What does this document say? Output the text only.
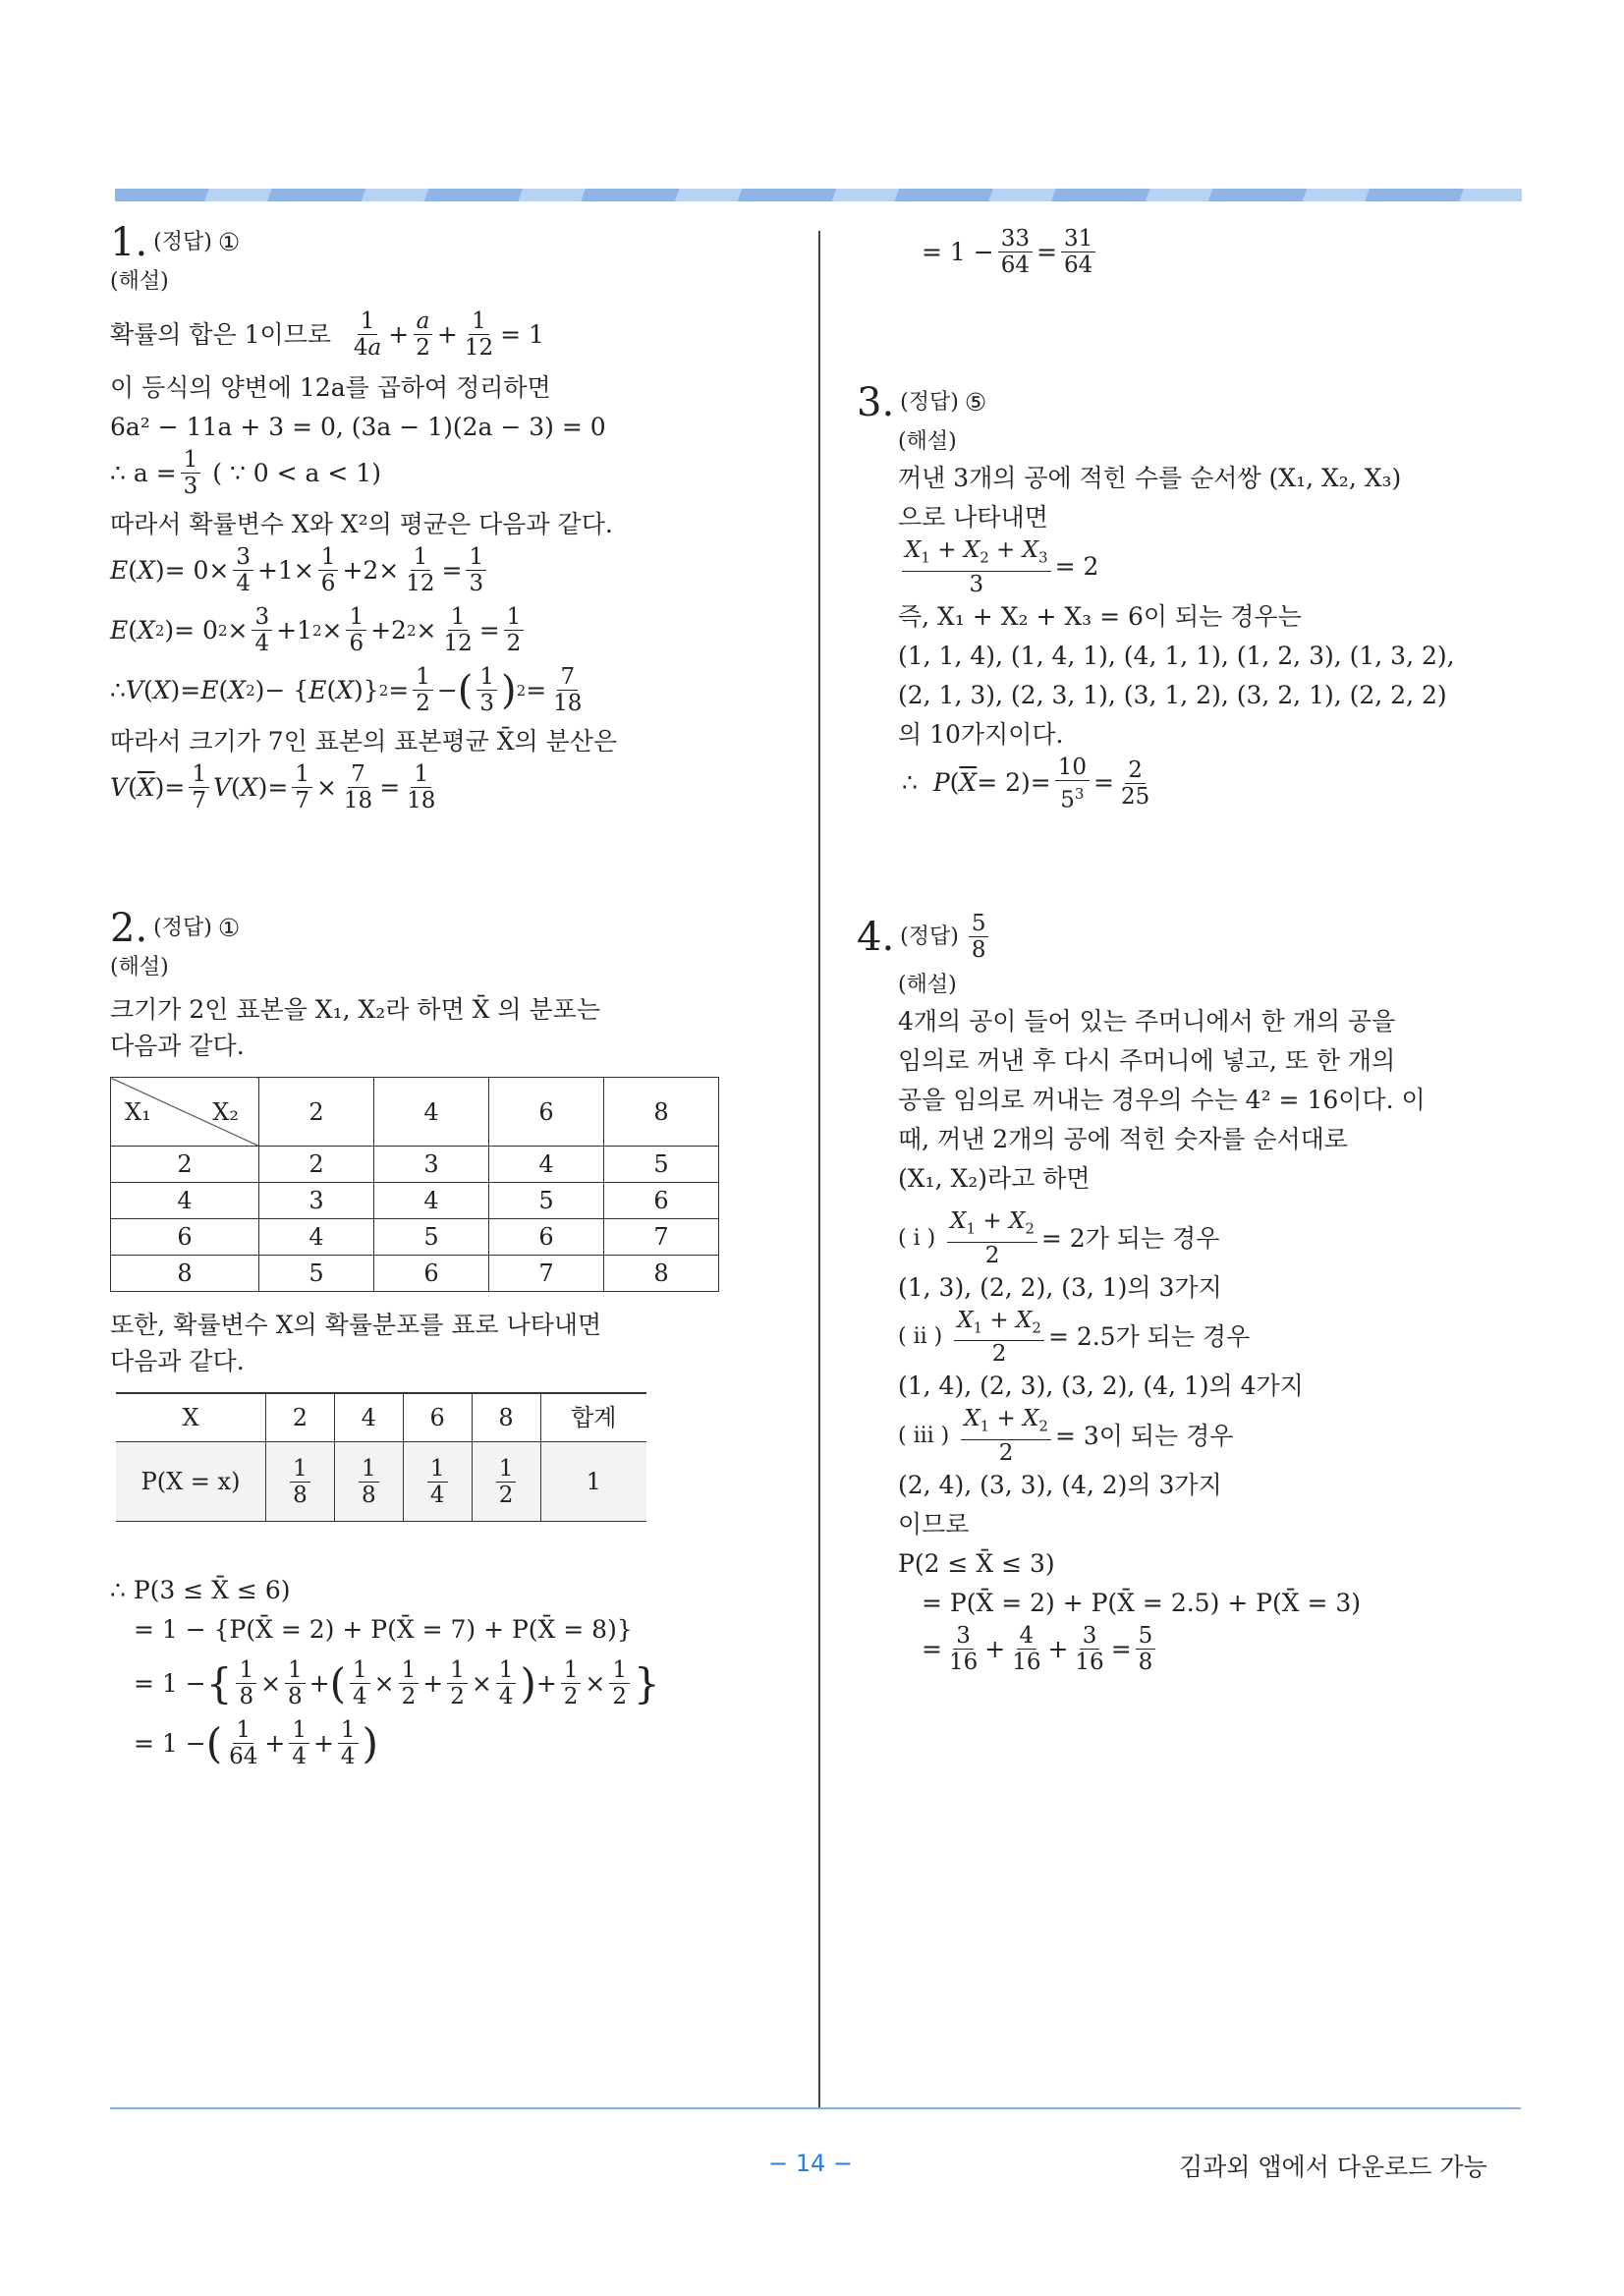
1. (정답) ①
(해설)
확률의 합은 1이므로
$\frac{1}{4a} + \frac{a}{2} + \frac{1}{12} = 1$
이 등식의 양변에 12a를 곱하여 정리하면
6a² − 11a + 3 = 0, (3a − 1)(2a − 3) = 0
∴ $a = \frac{1}{3}$
( ∵ 0 < a < 1)
따라서 확률변수 X와 X²의 평균은 다음과 같다.
E ( X )= $0\times \frac{3}{4} +1\times \frac{1}{6} +2\times \frac{1}{12} = \frac{1}{3}$
E ( X 2 )= 0 $2 \times \frac{3}{4} +1$ $2 \times \frac{1}{6} +2$ $2 \times \frac{1}{12} = \frac{1}{2}$
∴ V ( X )= E ( X 2 )− { E ( X )} $2 = \frac{1}{2}$ − ( $\frac{1}{3}$ ) $2 = \frac{7}{18}$
따라서 크기가 7인 표본의 표본평균 X̄의 분산은
V ( $\overline{X}$ )= $\frac{1}{7}$ V ( X )= $\frac{1}{7} \times \frac{7}{18} = \frac{1}{18}$
2. (정답) ①
(해설)
크기가 2인 표본을 X₁, X₂라 하면 X̄ 의 분포는
다음과 같다.
X₁ X₂	2	4	6	8
2	2	3	4	5
4	3	4	5	6
6	4	5	6	7
8	5	6	7	8
또한, 확률변수 X의 확률분포를 표로 나타내면
다음과 같다.
X	2	4	6	8	합계
P(X = x)	$\frac{1}{8}$	$\frac{1}{8}$	$\frac{1}{4}$	$\frac{1}{2}$	1
∴ P(3 ≤ X̄ ≤ 6)
= 1 − {P(X̄ = 2) + P(X̄ = 7) + P(X̄ = 8)}
= 1 − { $\frac{1}{8} \times \frac{1}{8}$ + ( $\frac{1}{4} \times \frac{1}{2} + \frac{1}{2} \times \frac{1}{4}$ ) + $\frac{1}{2} \times \frac{1}{2}$ }
= 1 − ( $\frac{1}{64} + \frac{1}{4} + \frac{1}{4}$ )
= $1 - \frac{33}{64} = \frac{31}{64}$
3. (정답) ⑤
(해설)
꺼낸 3개의 공에 적힌 수를 순서쌍 (X₁, X₂, X₃)
으로 나타내면
$\frac{X_1 + X_2 + X_3}{3} = 2$
즉, X₁ + X₂ + X₃ = 6이 되는 경우는
(1, 1, 4), (1, 4, 1), (4, 1, 1), (1, 2, 3), (1, 3, 2),
(2, 1, 3), (2, 3, 1), (3, 1, 2), (3, 2, 1), (2, 2, 2)
의 10가지이다.
∴ P ( $\overline{X} = 2)= \frac{10}{5^3} = \frac{2}{25}$
4. (정답) $\frac{5}{8}$
(해설)
4개의 공이 들어 있는 주머니에서 한 개의 공을
임의로 꺼낸 후 다시 주머니에 넣고, 또 한 개의
공을 임의로 꺼내는 경우의 수는 4² = 16이다. 이
때, 꺼낸 2개의 공에 적힌 숫자를 순서대로
(X₁, X₂)라고 하면
( i )
$\frac{X_1 + X_2}{2} = 2$가 되는 경우
(1, 3), (2, 2), (3, 1)의 3가지
( ii )
$\frac{X_1 + X_2}{2} = 2.5$가 되는 경우
(1, 4), (2, 3), (3, 2), (4, 1)의 4가지
( iii )
$\frac{X_1 + X_2}{2} = 3$이 되는 경우
(2, 4), (3, 3), (4, 2)의 3가지
이므로
P(2 ≤ X̄ ≤ 3)
= P(X̄ = 2) + P(X̄ = 2.5) + P(X̄ = 3)
= $\frac{3}{16} + \frac{4}{16} + \frac{3}{16} = \frac{5}{8}$
− 14 −	김과외 앱에서 다운로드 가능
